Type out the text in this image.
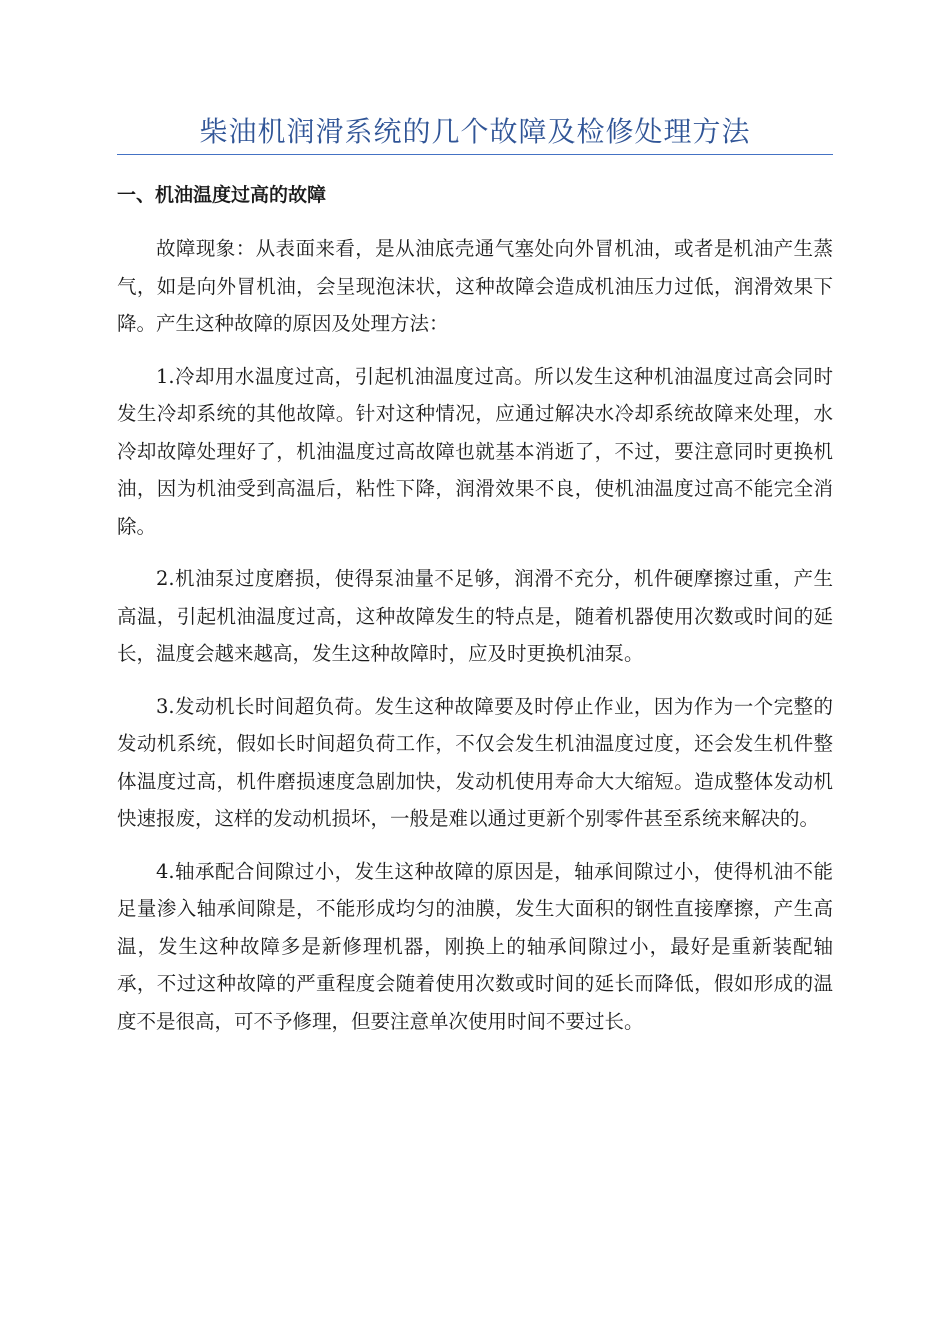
柴油机润滑系统的几个故障及检修处理方法
一、机油温度过高的故障

故障现象：从表面来看，是从油底壳通气塞处向外冒机油，或者是机油产生蒸气，如是向外冒机油，会呈现泡沫状，这种故障会造成机油压力过低，润滑效果下降。产生这种故障的原因及处理方法：

1.冷却用水温度过高，引起机油温度过高。所以发生这种机油温度过高会同时发生冷却系统的其他故障。针对这种情况，应通过解决水冷却系统故障来处理，水冷却故障处理好了，机油温度过高故障也就基本消逝了，不过，要注意同时更换机油，因为机油受到高温后，粘性下降，润滑效果不良，使机油温度过高不能完全消除。

2.机油泵过度磨损，使得泵油量不足够，润滑不充分，机件硬摩擦过重，产生高温，引起机油温度过高，这种故障发生的特点是，随着机器使用次数或时间的延长，温度会越来越高，发生这种故障时，应及时更换机油泵。

3.发动机长时间超负荷。发生这种故障要及时停止作业，因为作为一个完整的发动机系统，假如长时间超负荷工作，不仅会发生机油温度过度，还会发生机件整体温度过高，机件磨损速度急剧加快，发动机使用寿命大大缩短。造成整体发动机快速报废，这样的发动机损坏，一般是难以通过更新个别零件甚至系统来解决的。

4.轴承配合间隙过小，发生这种故障的原因是，轴承间隙过小，使得机油不能足量渗入轴承间隙是，不能形成均匀的油膜，发生大面积的钢性直接摩擦，产生高温，发生这种故障多是新修理机器，刚换上的轴承间隙过小，最好是重新装配轴承，不过这种故障的严重程度会随着使用次数或时间的延长而降低，假如形成的温度不是很高，可不予修理，但要注意单次使用时间不要过长。
